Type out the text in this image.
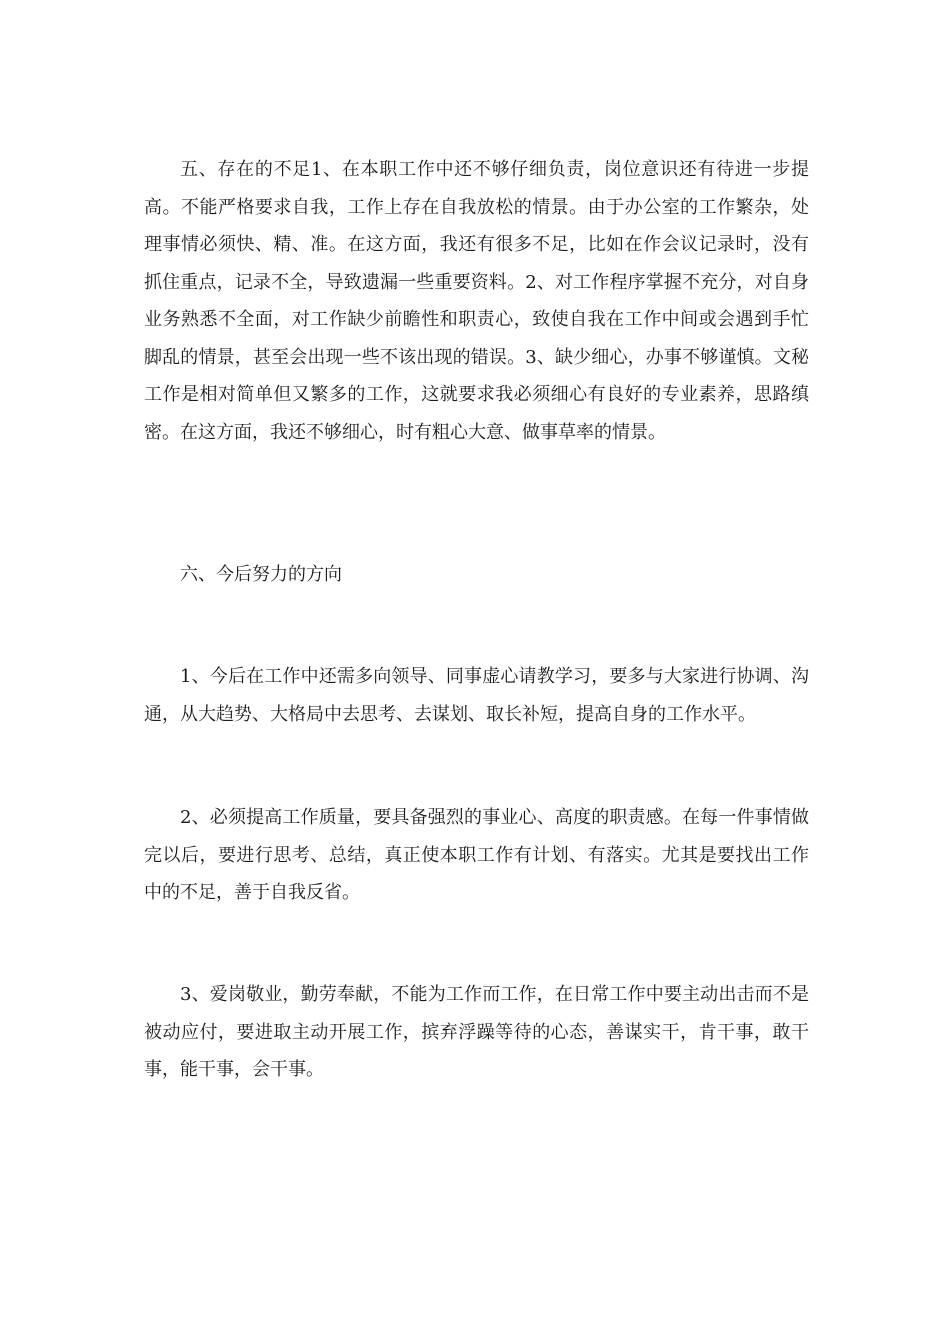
五、存在的不足1、在本职工作中还不够仔细负责，岗位意识还有待进一步提高。不能严格要求自我，工作上存在自我放松的情景。由于办公室的工作繁杂，处理事情必须快、精、准。在这方面，我还有很多不足，比如在作会议记录时，没有抓住重点，记录不全，导致遗漏一些重要资料。2、对工作程序掌握不充分，对自身业务熟悉不全面，对工作缺少前瞻性和职责心，致使自我在工作中间或会遇到手忙脚乱的情景，甚至会出现一些不该出现的错误。3、缺少细心，办事不够谨慎。文秘工作是相对简单但又繁多的工作，这就要求我必须细心有良好的专业素养，思路缜密。在这方面，我还不够细心，时有粗心大意、做事草率的情景。

六、今后努力的方向

1、今后在工作中还需多向领导、同事虚心请教学习，要多与大家进行协调、沟通，从大趋势、大格局中去思考、去谋划、取长补短，提高自身的工作水平。

2、必须提高工作质量，要具备强烈的事业心、高度的职责感。在每一件事情做完以后，要进行思考、总结，真正使本职工作有计划、有落实。尤其是要找出工作中的不足，善于自我反省。

3、爱岗敬业，勤劳奉献，不能为工作而工作，在日常工作中要主动出击而不是被动应付，要进取主动开展工作，摈弃浮躁等待的心态，善谋实干，肯干事，敢干事，能干事，会干事。
